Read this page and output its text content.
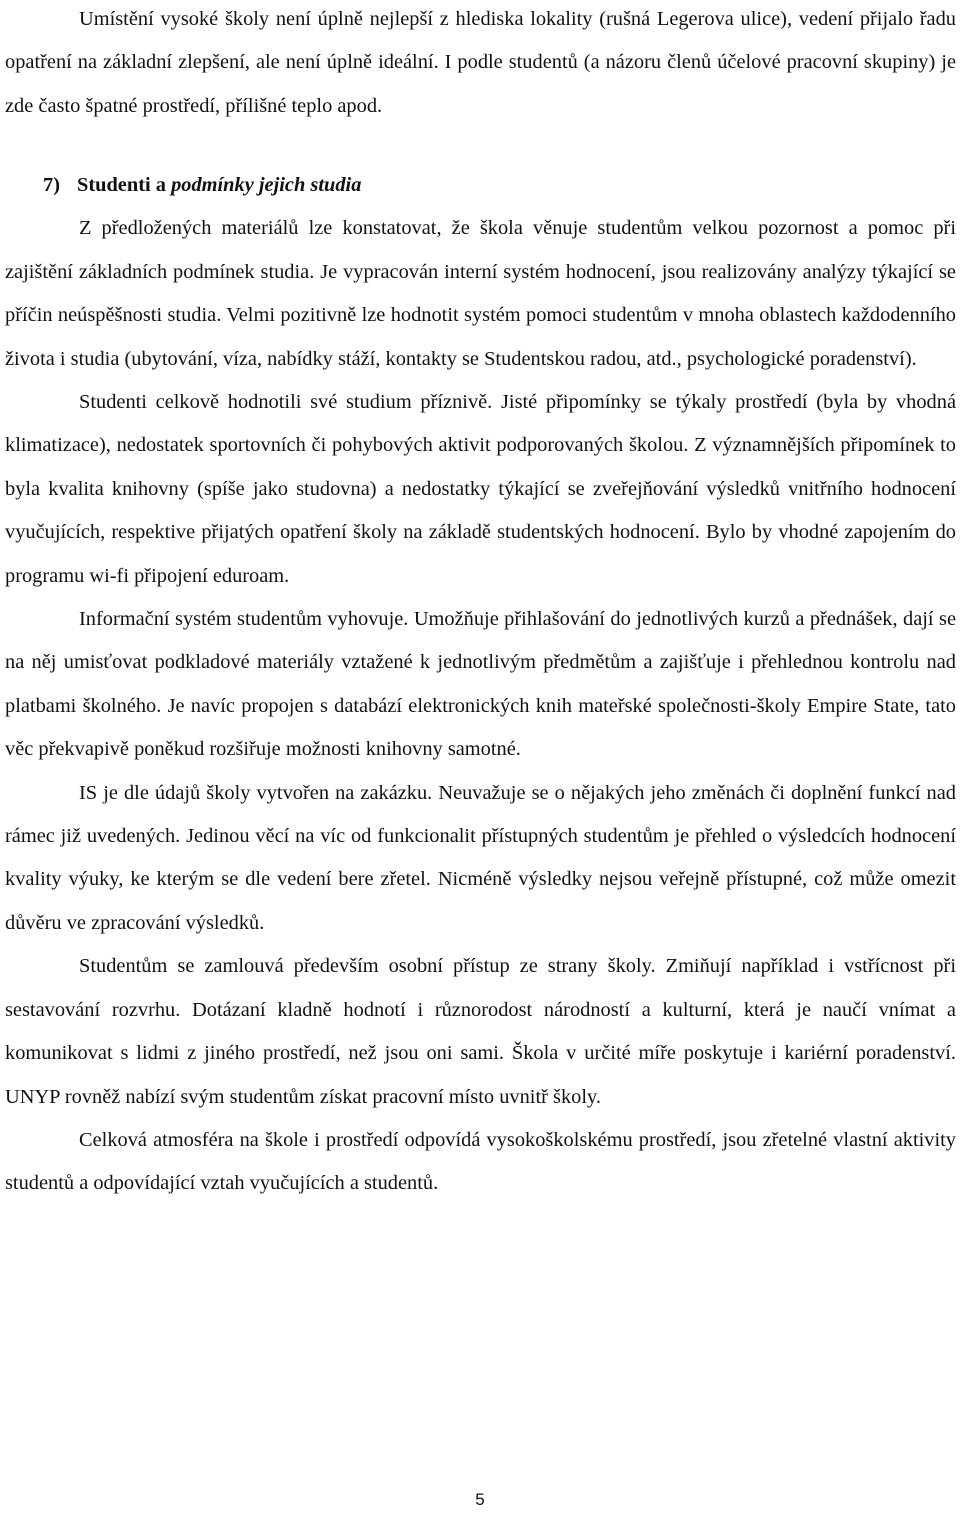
Umístění vysoké školy není úplně nejlepší z hlediska lokality (rušná Legerova ulice), vedení přijalo řadu opatření na základní zlepšení, ale není úplně ideální. I podle studentů (a názoru členů účelové pracovní skupiny) je zde často špatné prostředí, přílišné teplo apod.

7) Studenti a podmínky jejich studia

Z předložených materiálů lze konstatovat, že škola věnuje studentům velkou pozornost a pomoc při zajištění základních podmínek studia. Je vypracován interní systém hodnocení, jsou realizovány analýzy týkající se příčin neúspěšnosti studia. Velmi pozitivně lze hodnotit systém pomoci studentům v mnoha oblastech každodenního života i studia (ubytování, víza, nabídky stáží, kontakty se Studentskou radou, atd., psychologické poradenství).

Studenti celkově hodnotili své studium příznivě. Jisté připomínky se týkaly prostředí (byla by vhodná klimatizace), nedostatek sportovních či pohybových aktivit podporovaných školou. Z významnějších připomínek to byla kvalita knihovny (spíše jako studovna) a nedostatky týkající se zveřejňování výsledků vnitřního hodnocení vyučujících, respektive přijatých opatření školy na základě studentských hodnocení. Bylo by vhodné zapojením do programu wi-fi připojení eduroam.

Informační systém studentům vyhovuje. Umožňuje přihlašování do jednotlivých kurzů a přednášek, dají se na něj umisťovat podkladové materiály vztažené k jednotlivým předmětům a zajišťuje i přehlednou kontrolu nad platbami školného. Je navíc propojen s databází elektronických knih mateřské společnosti-školy Empire State, tato věc překvapivě poněkud rozšiřuje možnosti knihovny samotné.

IS je dle údajů školy vytvořen na zakázku. Neuvažuje se o nějakých jeho změnách či doplnění funkcí nad rámec již uvedených. Jedinou věcí na víc od funkcionalit přístupných studentům je přehled o výsledcích hodnocení kvality výuky, ke kterým se dle vedení bere zřetel. Nicméně výsledky nejsou veřejně přístupné, což může omezit důvěru ve zpracování výsledků.

Studentům se zamlouvá především osobní přístup ze strany školy. Zmiňují například i vstřícnost při sestavování rozvrhu. Dotázaní kladně hodnotí i různorodost národností a kulturní, která je naučí vnímat a komunikovat s lidmi z jiného prostředí, než jsou oni sami. Škola v určité míře poskytuje i kariérní poradenství. UNYP rovněž nabízí svým studentům získat pracovní místo uvnitř školy.

Celková atmosféra na škole i prostředí odpovídá vysokoškolskému prostředí, jsou zřetelné vlastní aktivity studentů a odpovídající vztah vyučujících a studentů.

5
